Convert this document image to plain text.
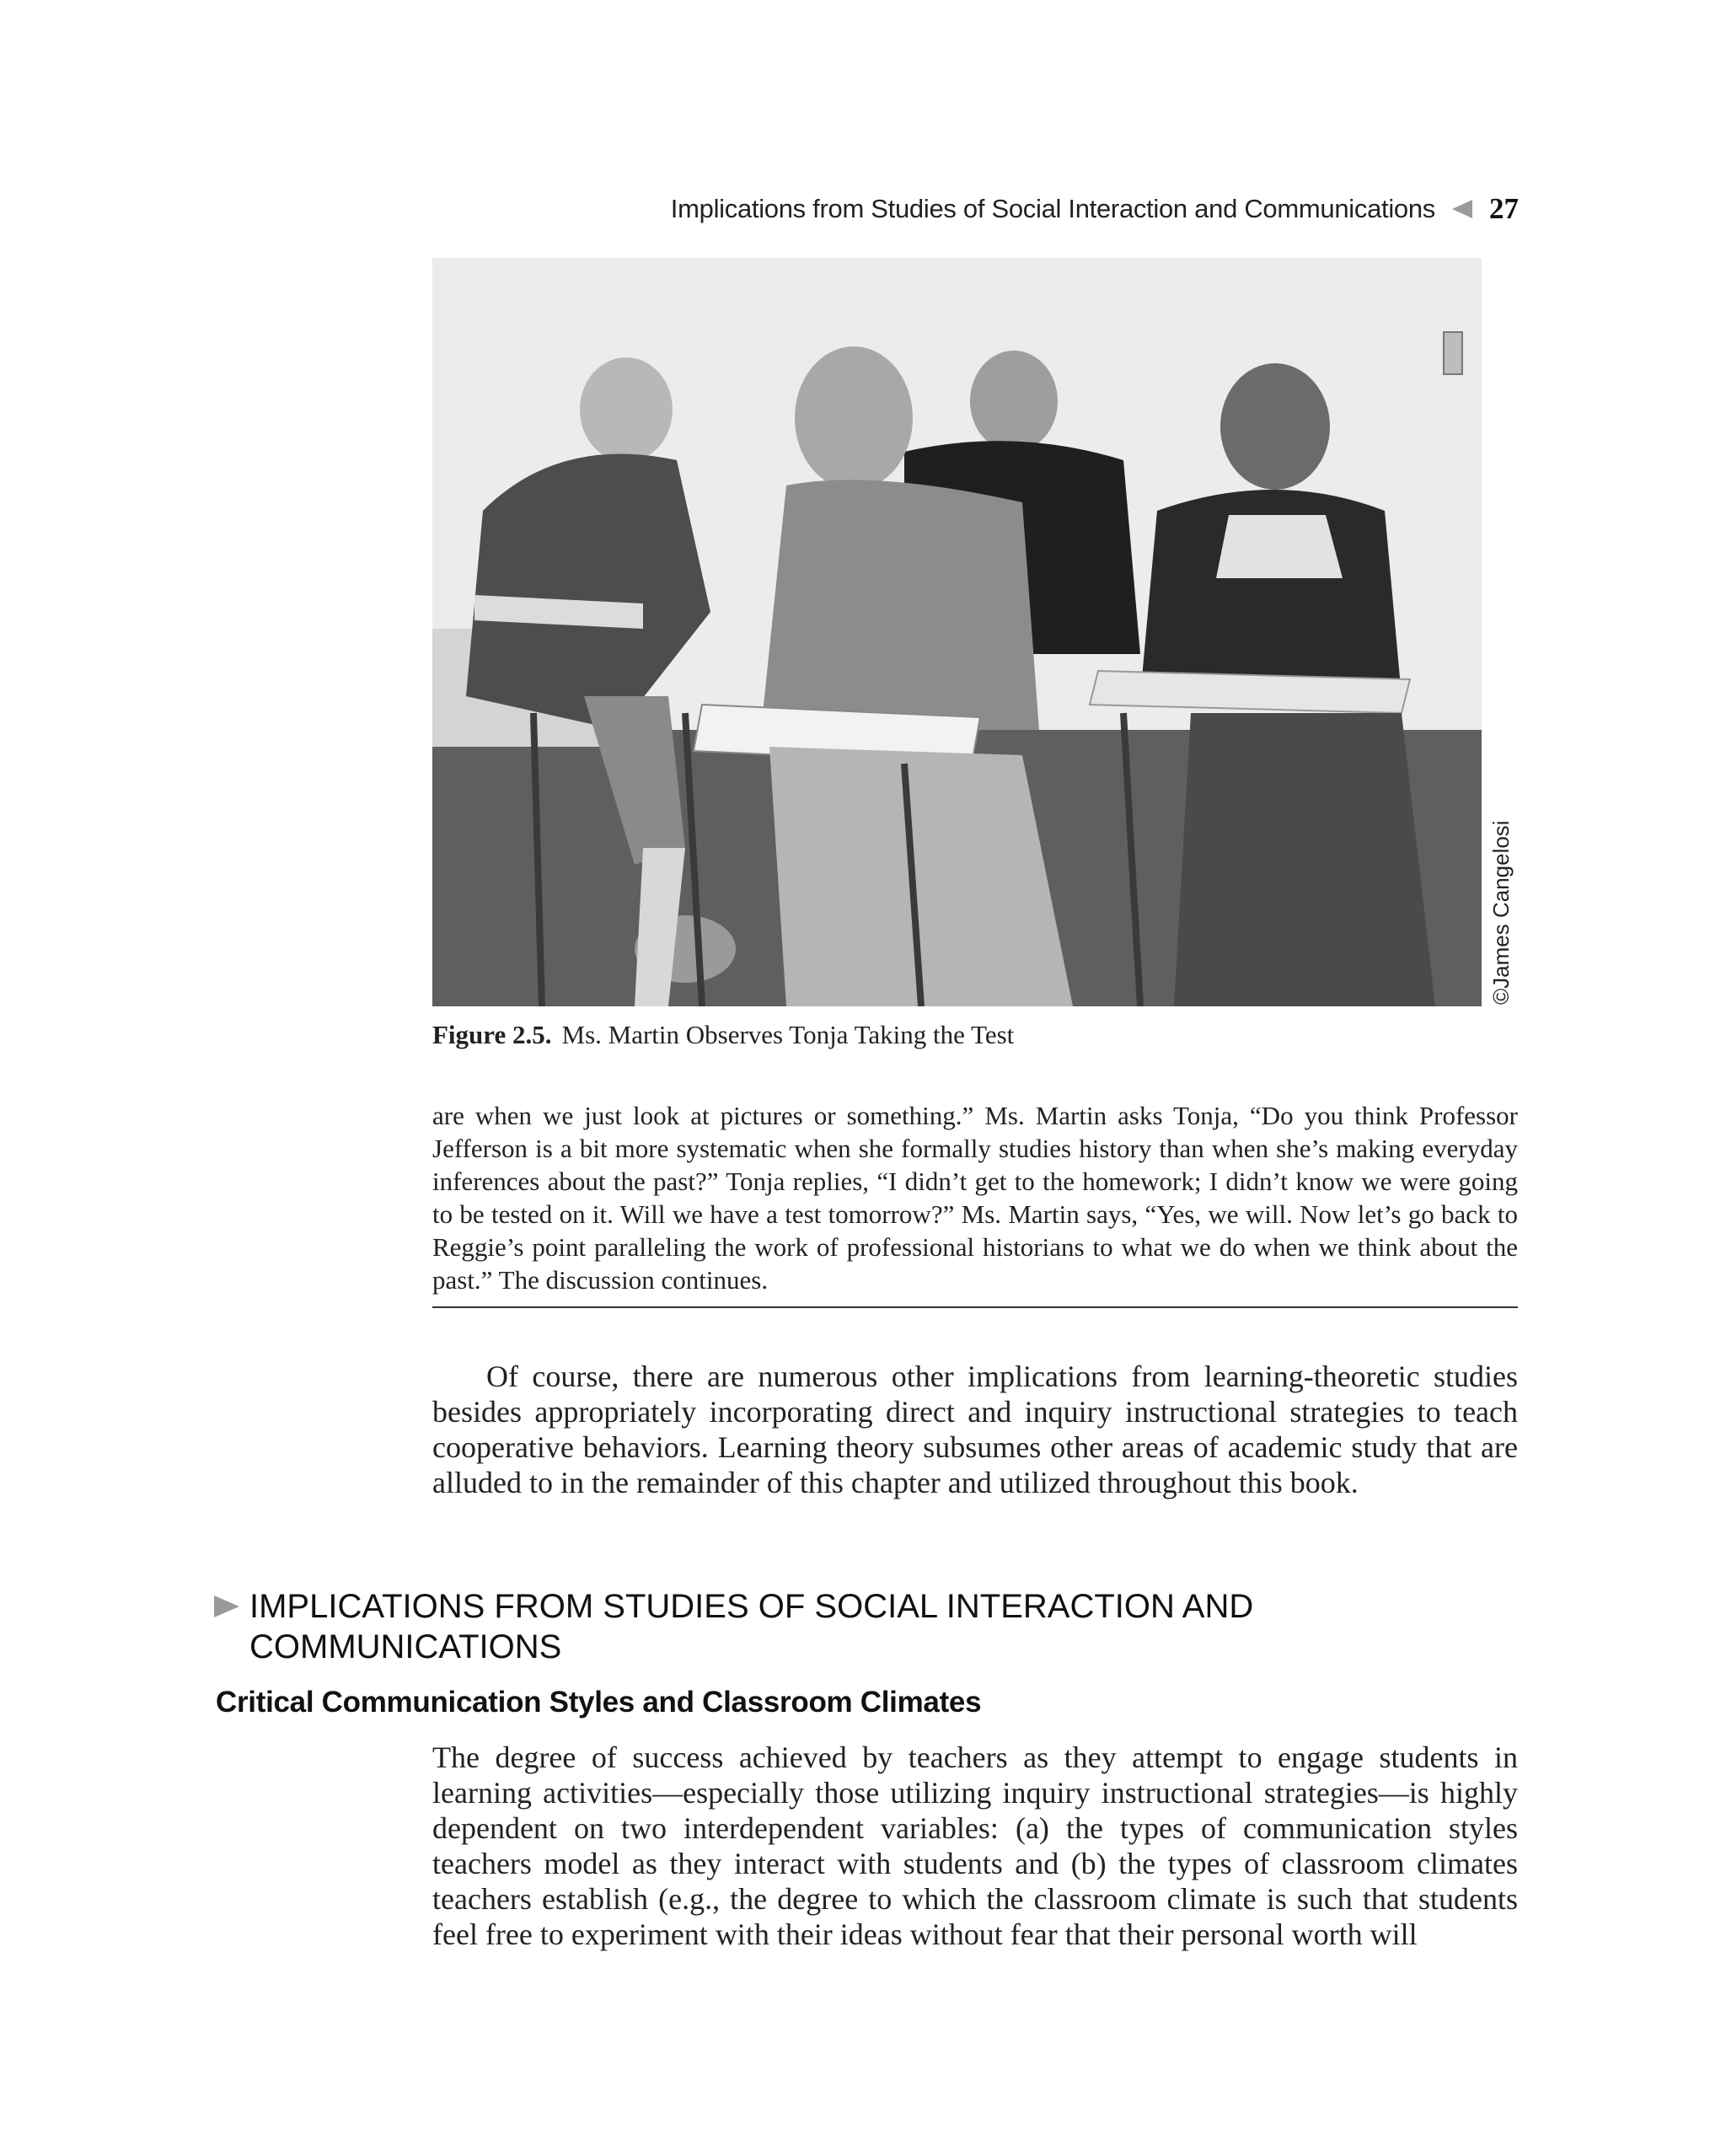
Implications from Studies of Social Interaction and Communications 27
©James Cangelosi
Figure 2.5. Ms. Martin Observes Tonja Taking the Test
are when we just look at pictures or something.” Ms. Martin asks Tonja, “Do you think Professor Jefferson is a bit more systematic when she formally studies history than when she’s making everyday inferences about the past?” Tonja replies, “I didn’t get to the homework; I didn’t know we were going to be tested on it. Will we have a test tomorrow?” Ms. Martin says, “Yes, we will. Now let’s go back to Reggie’s point paralleling the work of professional historians to what we do when we think about the past.” The discussion continues.
Of course, there are numerous other implications from learning-theoretic studies besides appropriately incorporating direct and inquiry instructional strategies to teach cooperative behaviors. Learning theory subsumes other areas of academic study that are alluded to in the remainder of this chapter and utilized throughout this book.
IMPLICATIONS FROM STUDIES OF SOCIAL INTERACTION AND
COMMUNICATIONS
Critical Communication Styles and Classroom Climates
The degree of success achieved by teachers as they attempt to engage students in learning activities—especially those utilizing inquiry instructional strategies—is highly dependent on two interdependent variables: (a) the types of communication styles teachers model as they interact with students and (b) the types of classroom climates teachers establish (e.g., the degree to which the classroom climate is such that students feel free to experiment with their ideas without fear that their personal worth will
